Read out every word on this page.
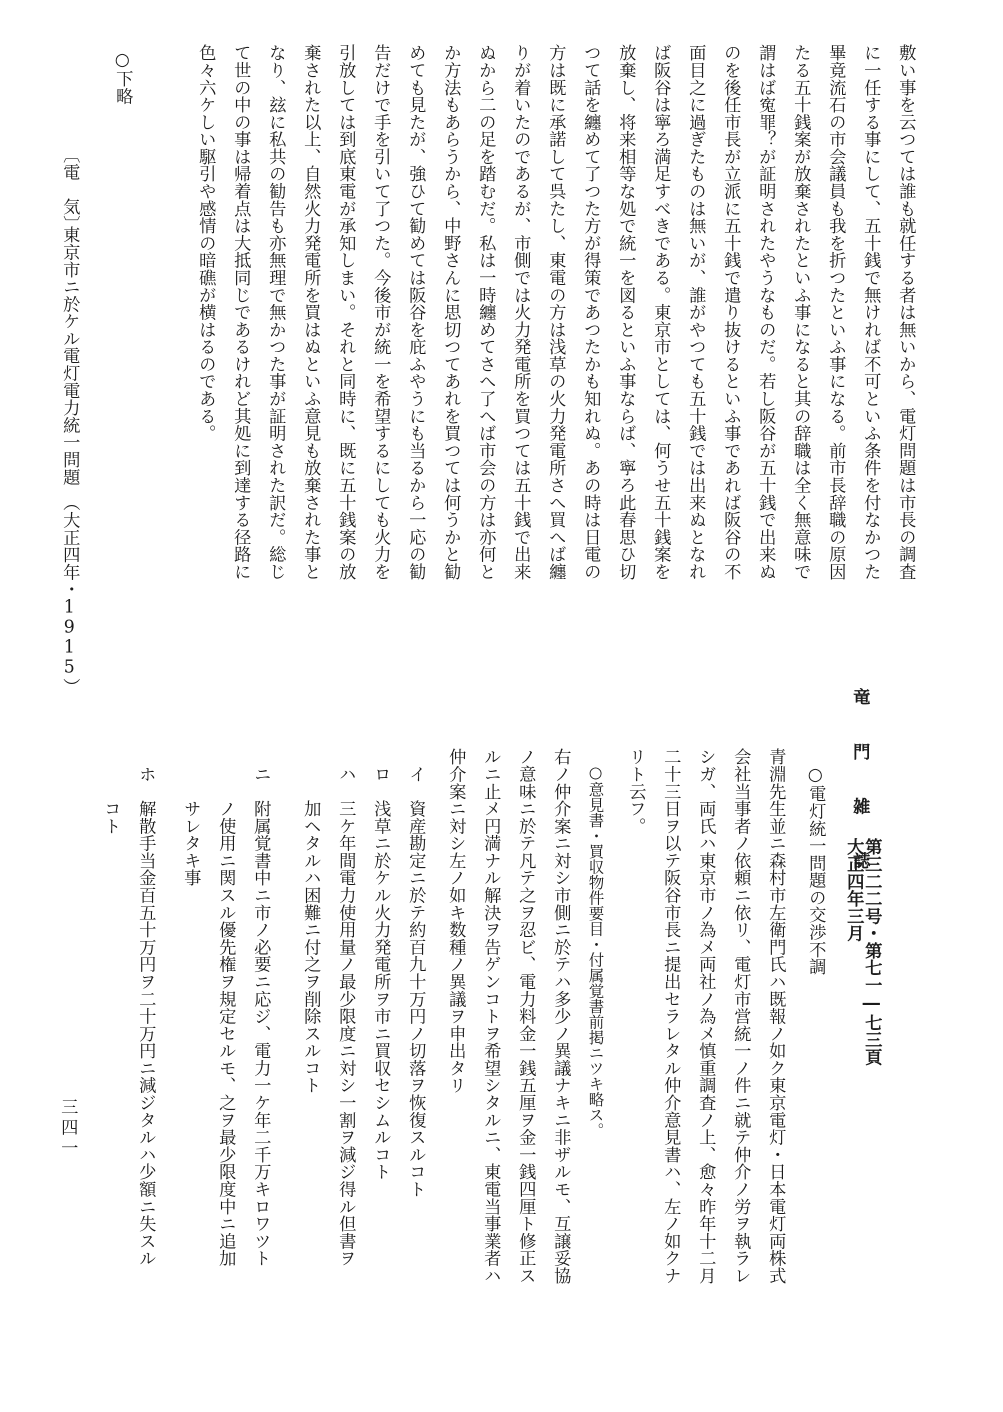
敷い事を云つては誰も就任する者は無いから、電灯問題は市長の調査
に一任する事にして、五十銭で無ければ不可といふ条件を付なかつた
畢竟流石の市会議員も我を折つたといふ事になる。前市長辞職の原因
たる五十銭案が放棄されたといふ事になると其の辞職は全く無意味で
謂はば寃罪？が証明されたやうなものだ。若し阪谷が五十銭で出来ぬ
のを後任市長が立派に五十銭で遣り抜けるといふ事であれば阪谷の不
面目之に過ぎたものは無いが、誰がやつても五十銭では出来ぬとなれ
ば阪谷は寧ろ満足すべきである。東京市としては、何うせ五十銭案を
放棄し、将来相等な処で統一を図るといふ事ならば、寧ろ此春思ひ切
つて話を纏めて了つた方が得策であつたかも知れぬ。あの時は日電の
方は既に承諾して呉たし、東電の方は浅草の火力発電所さへ買へば纏
りが着いたのであるが、市側では火力発電所を買つては五十銭で出来
ぬから二の足を踏むだ。私は一時纏めてさへ了へば市会の方は亦何と
か方法もあらうから、中野さんに思切つてあれを買つては何うかと勧
めても見たが、強ひて勧めては阪谷を庇ふやうにも当るから一応の勧
告だけで手を引いて了つた。今後市が統一を希望するにしても火力を
引放しては到底東電が承知しまい。それと同時に、既に五十銭案の放
棄された以上、自然火力発電所を買はぬといふ意見も放棄された事と
なり、玆に私共の勧告も亦無理で無かつた事が証明された訳だ。総じ
て世の中の事は帰着点は大抵同じであるけれど其処に到達する径路に
色々六ケしい駆引や感情の暗礁が横はるのである。
○下略
〔電　気〕
東京市ニ於ケル電灯電力統一問題　（大正四年・1915）
竜　門　雑　誌
第三二二号・第七一―七三頁
大正四年三月
○電灯統一問題の交渉不調
青淵先生並ニ森村市左衛門氏ハ既報ノ如ク東京電灯・日本電灯両株式
会社当事者ノ依頼ニ依リ、電灯市営統一ノ件ニ就テ仲介ノ労ヲ執ラレ
シガ、両氏ハ東京市ノ為メ両社ノ為メ慎重調査ノ上、愈々昨年十二月
二十三日ヲ以テ阪谷市長ニ提出セラレタル仲介意見書ハ、左ノ如クナ
リト云フ。
　○意見書・買収物件要目・付属覚書前掲ニツキ略ス。
右ノ仲介案ニ対シ市側ニ於テハ多少ノ異議ナキニ非ザルモ、互譲妥協
ノ意味ニ於テ凡テ之ヲ忍ビ、電力料金一銭五厘ヲ金一銭四厘ト修正ス
ルニ止メ円満ナル解決ヲ告ゲンコトヲ希望シタルニ、東電当事業者ハ
仲介案ニ対シ左ノ如キ数種ノ異議ヲ申出タリ
　イ　資産勘定ニ於テ約百九十万円ノ切落ヲ恢復スルコト
　ロ　浅草ニ於ケル火力発電所ヲ市ニ買収セシムルコト
　ハ　三ケ年間電力使用量ノ最少限度ニ対シ一割ヲ減ジ得ル但書ヲ
　　　加ヘタルハ困難ニ付之ヲ削除スルコト
　ニ　附属覚書中ニ市ノ必要ニ応ジ、電力一ケ年二千万キロワツト
　　　ノ使用ニ関スル優先権ヲ規定セルモ、之ヲ最少限度中ニ追加
　　　サレタキ事
　ホ　解散手当金百五十万円ヲ二十万円ニ減ジタルハ少額ニ失スル
　　　コト
三四一
